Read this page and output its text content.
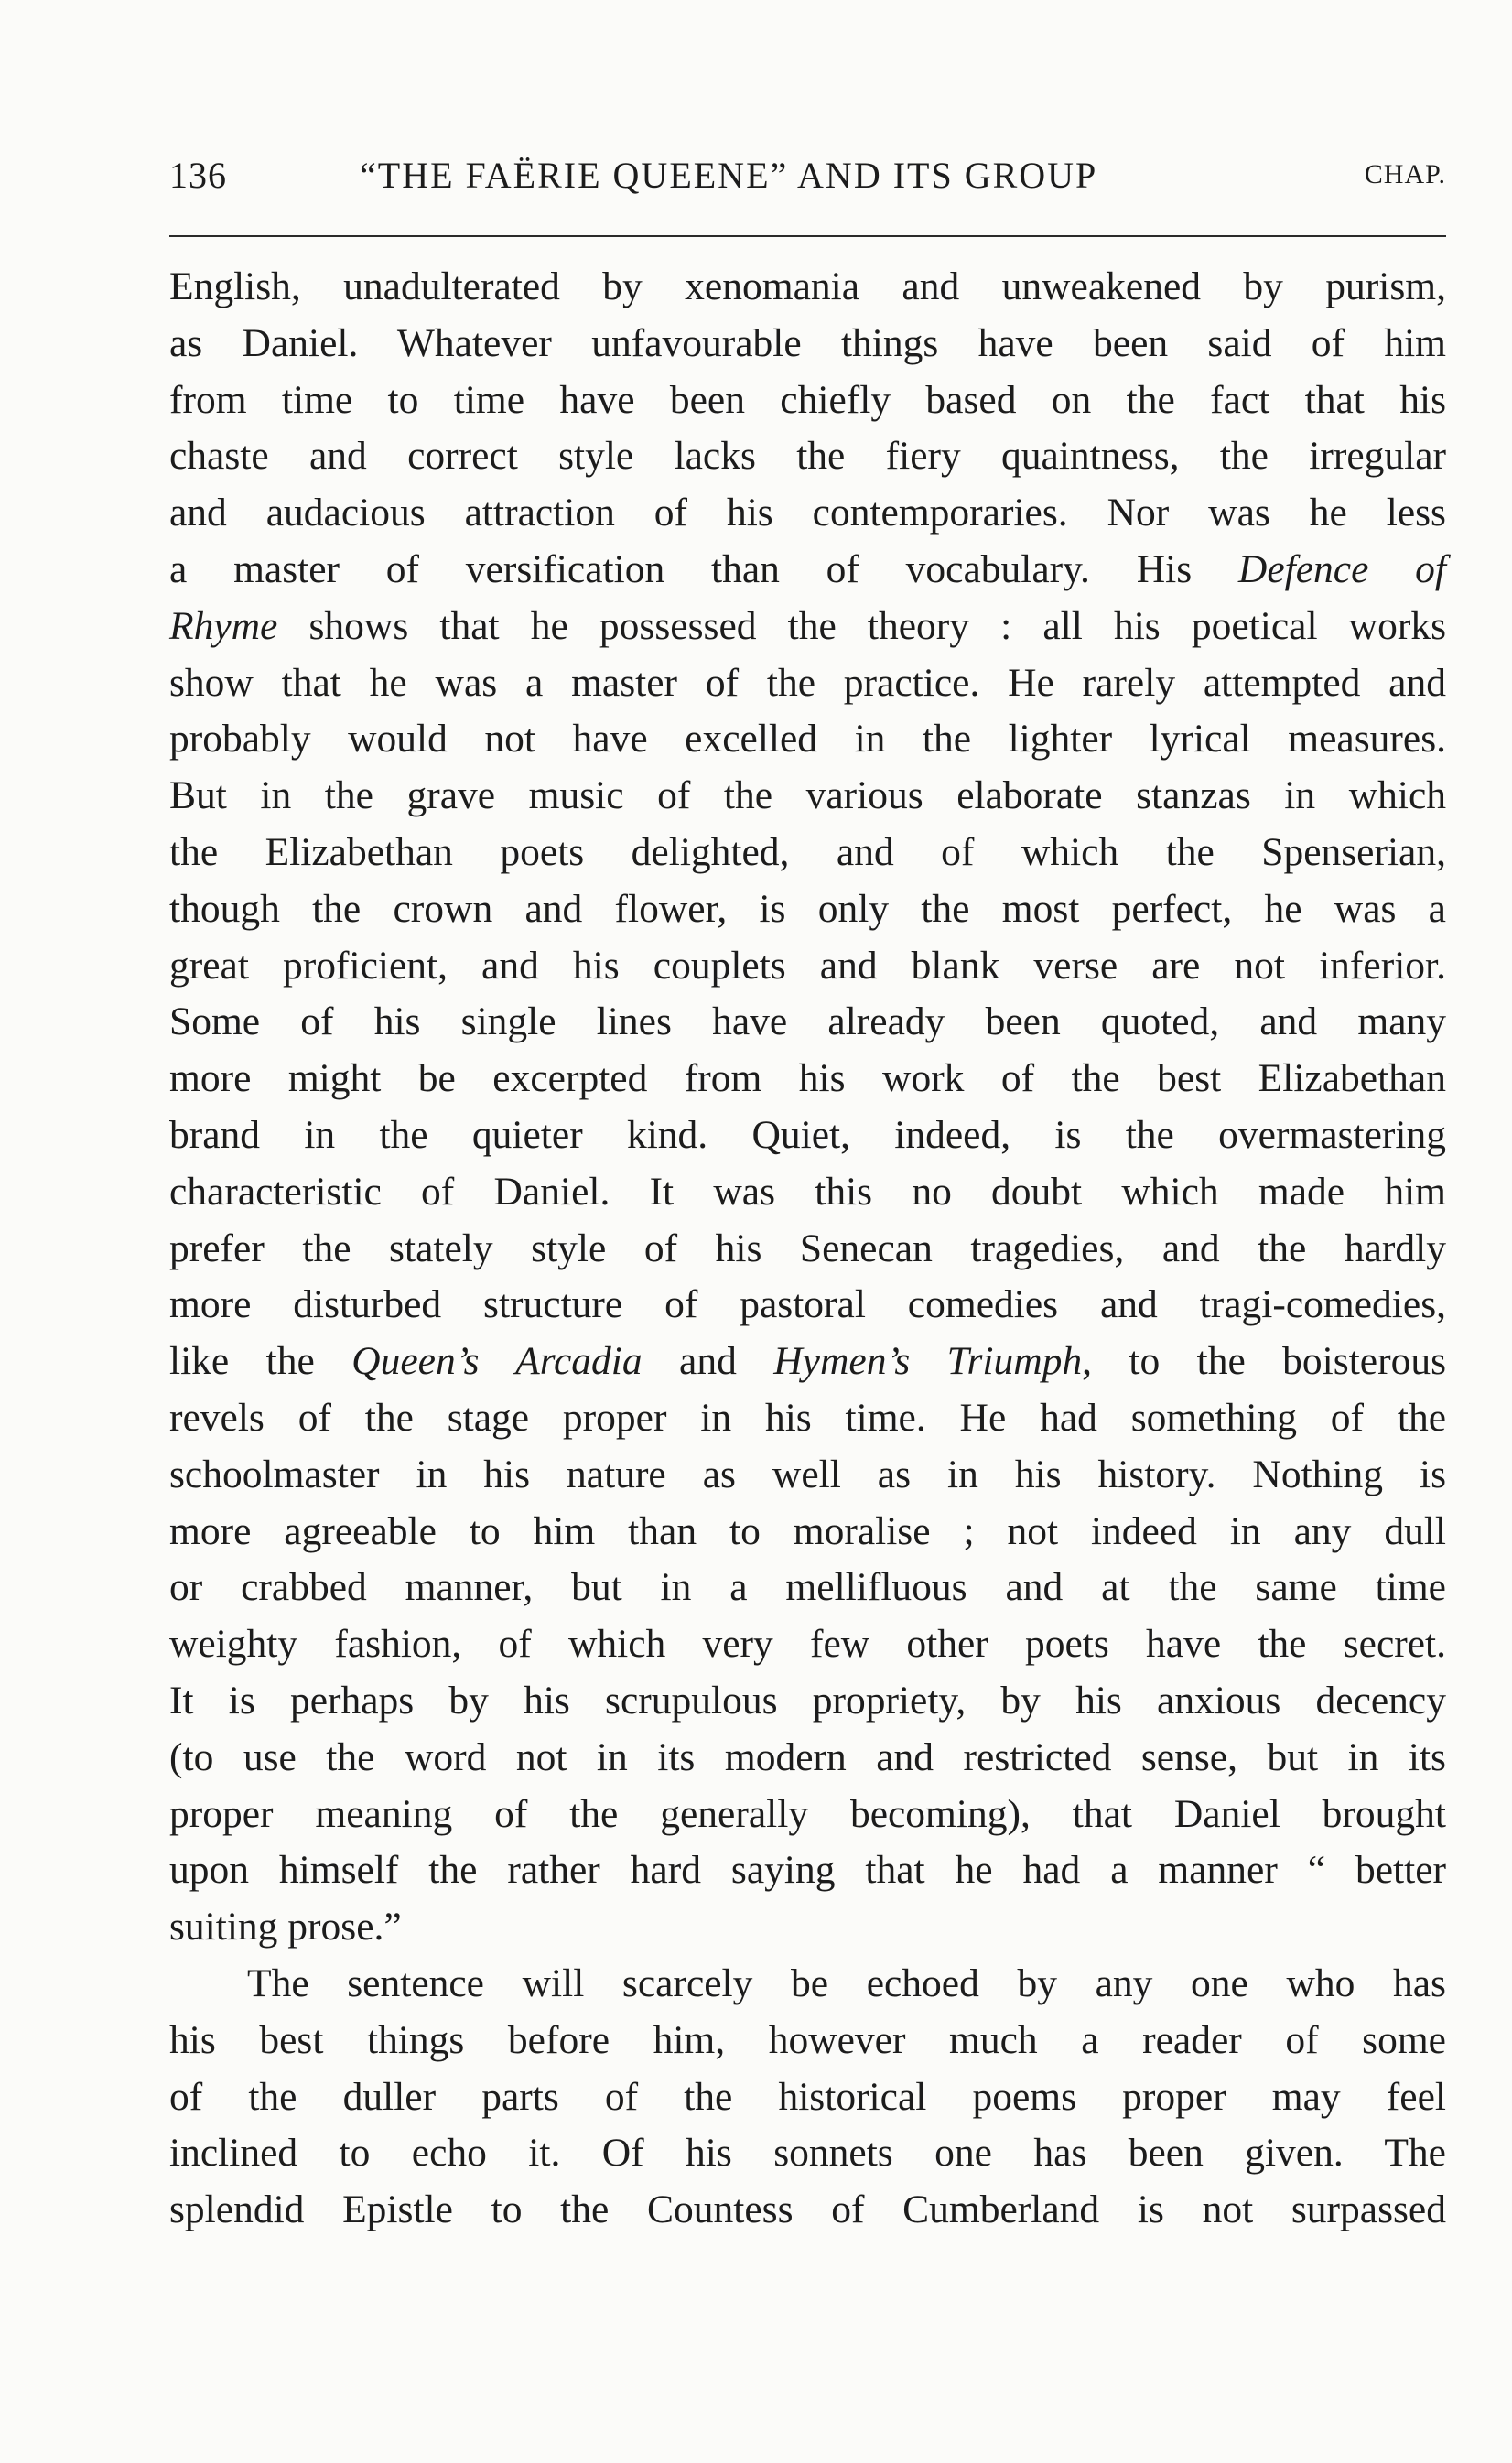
136	“THE FAËRIE QUEENE” AND ITS GROUP	CHAP.
English, unadulterated by xenomania and unweakened by purism,
as Daniel. Whatever unfavourable things have been said of him
from time to time have been chiefly based on the fact that his
chaste and correct style lacks the fiery quaintness, the irregular
and audacious attraction of his contemporaries. Nor was he less
a master of versification than of vocabulary. His Defence of
Rhyme shows that he possessed the theory : all his poetical works
show that he was a master of the practice. He rarely attempted and
probably would not have excelled in the lighter lyrical measures.
But in the grave music of the various elaborate stanzas in which
the Elizabethan poets delighted, and of which the Spenserian,
though the crown and flower, is only the most perfect, he was a
great proficient, and his couplets and blank verse are not inferior.
Some of his single lines have already been quoted, and many
more might be excerpted from his work of the best Elizabethan
brand in the quieter kind. Quiet, indeed, is the overmastering
characteristic of Daniel. It was this no doubt which made him
prefer the stately style of his Senecan tragedies, and the hardly
more disturbed structure of pastoral comedies and tragi-comedies,
like the Queen’s Arcadia and Hymen’s Triumph, to the boisterous
revels of the stage proper in his time. He had something of the
schoolmaster in his nature as well as in his history. Nothing is
more agreeable to him than to moralise ; not indeed in any dull
or crabbed manner, but in a mellifluous and at the same time
weighty fashion, of which very few other poets have the secret.
It is perhaps by his scrupulous propriety, by his anxious decency
(to use the word not in its modern and restricted sense, but in its
proper meaning of the generally becoming), that Daniel brought
upon himself the rather hard saying that he had a manner “ better
suiting prose.”
The sentence will scarcely be echoed by any one who has
his best things before him, however much a reader of some
of the duller parts of the historical poems proper may feel
inclined to echo it. Of his sonnets one has been given. The
splendid Epistle to the Countess of Cumberland is not surpassed
